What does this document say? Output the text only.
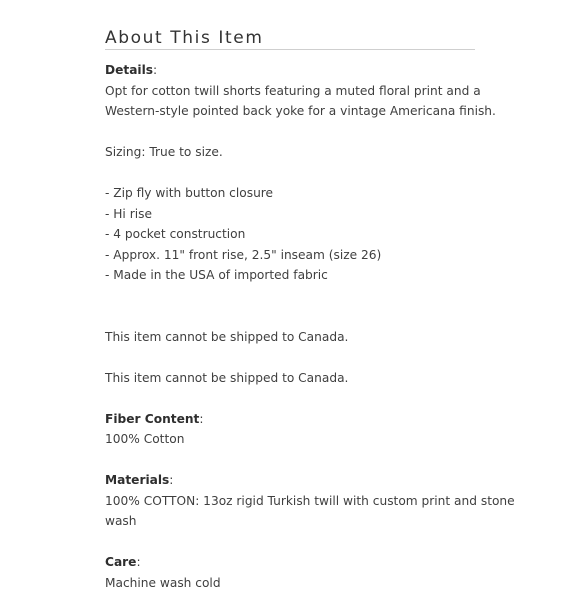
About This Item

Details:

Opt for cotton twill shorts featuring a muted floral print and a
Western-style pointed back yoke for a vintage Americana finish.

Sizing: True to size.

- Zip fly with button closure
- Hi rise
- 4 pocket construction
- Approx. 11" front rise, 2.5" inseam (size 26)
- Made in the USA of imported fabric

This item cannot be shipped to Canada.

This item cannot be shipped to Canada.

Fiber Content:

100% Cotton

Materials:

100% COTTON: 13oz rigid Turkish twill with custom print and stone
wash

Care:

Machine wash cold
